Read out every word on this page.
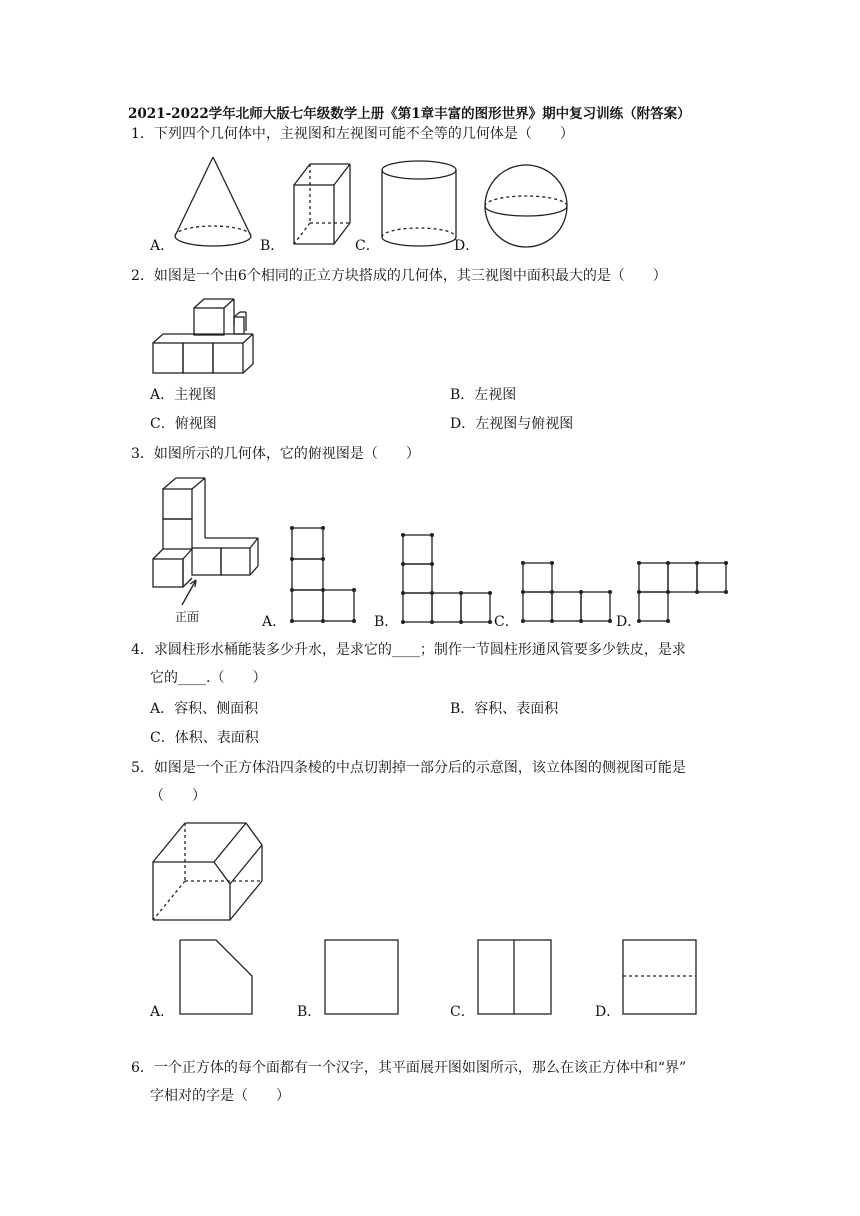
2021-2022学年北师大版七年级数学上册《第1章丰富的图形世界》期中复习训练（附答案）
1．下列四个几何体中，主视图和左视图可能不全等的几何体是（　　）
A．	B．	C．	D．
2．如图是一个由6个相同的正立方块搭成的几何体，其三视图中面积最大的是（　　）
A．主视图	B．左视图
C．俯视图	D．左视图与俯视图
3．如图所示的几何体，它的俯视图是（　　）
正面	A．	B．	C．	D．
4．求圆柱形水桶能装多少升水，是求它的____；制作一节圆柱形通风管要多少铁皮，是求
它的____.（　　）
A．容积、侧面积	B．容积、表面积
C．体积、表面积
5．如图是一个正方体沿四条棱的中点切割掉一部分后的示意图，该立体图的侧视图可能是
（　　）
A．	B．	C．	D．
6．一个正方体的每个面都有一个汉字，其平面展开图如图所示，那么在该正方体中和“界”
字相对的字是（　　）
